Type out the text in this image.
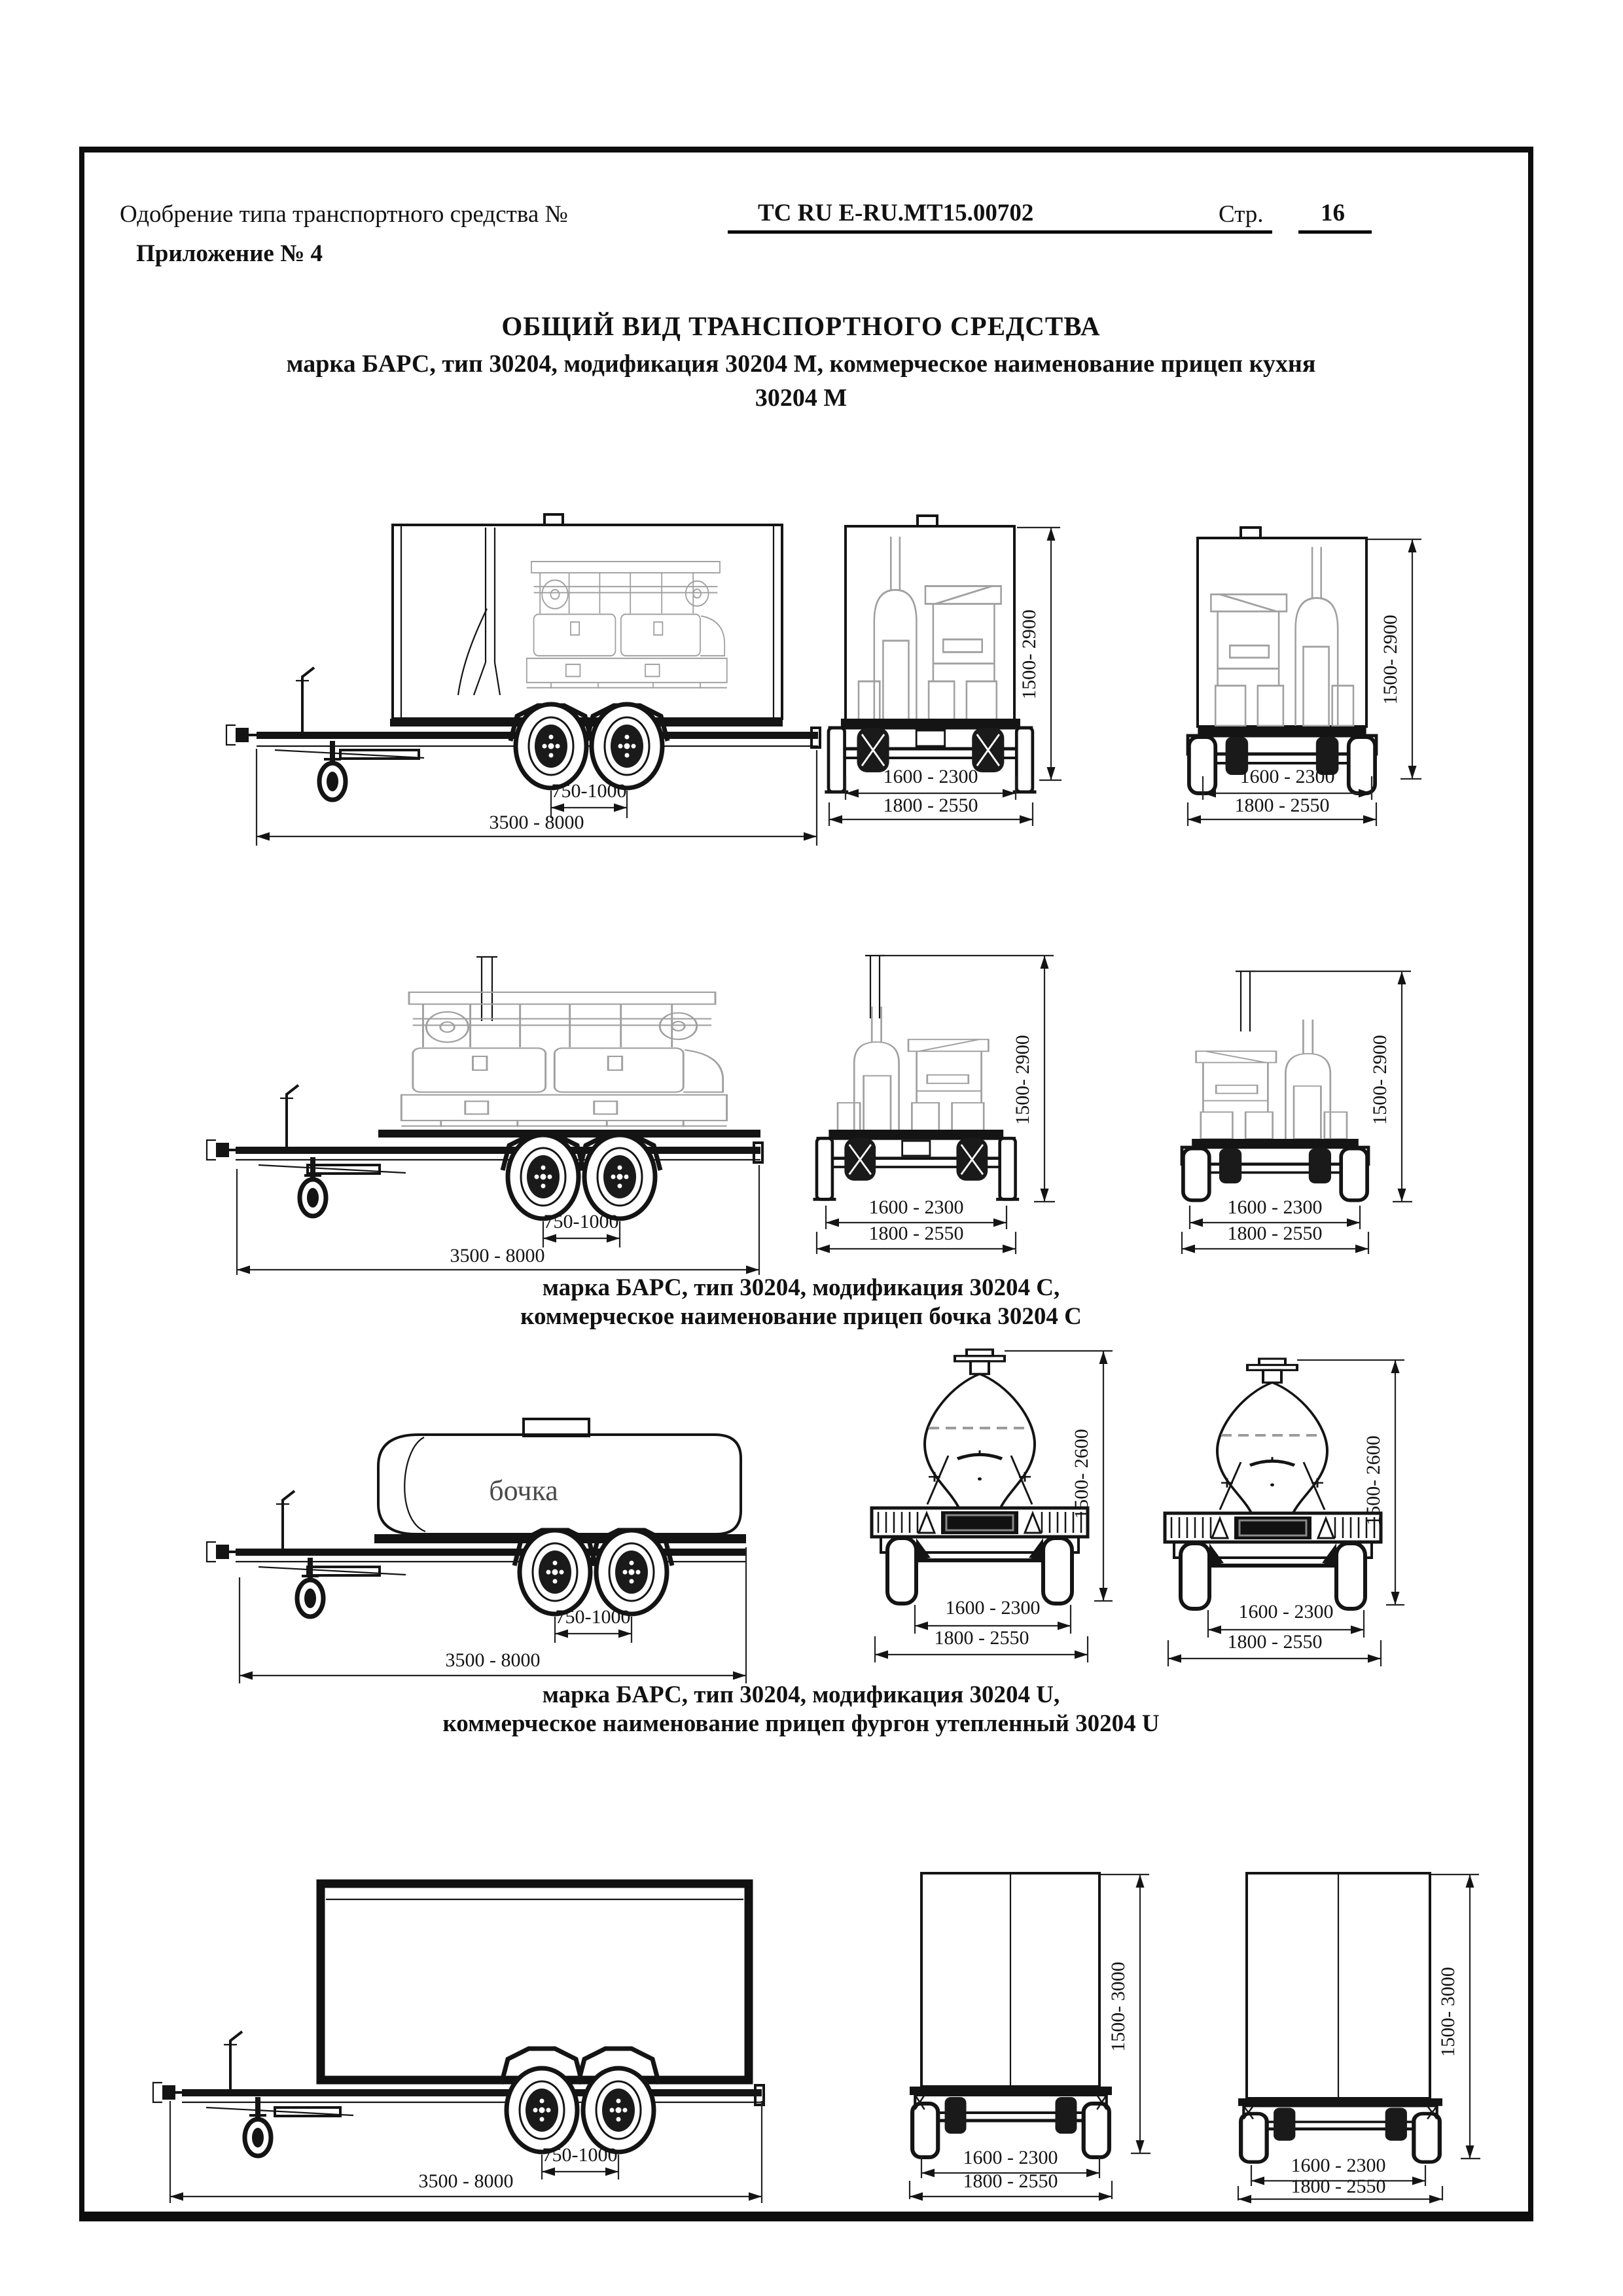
Одобрение типа транспортного средства №	ТС RU E-RU.MT15.00702	Стр. 16
Приложение № 4
ОБЩИЙ ВИД ТРАНСПОРТНОГО СРЕДСТВА
марка БАРС, тип 30204, модификация 30204 М, коммерческое наименование прицеп кухня
30204 М
марка БАРС, тип 30204, модификация 30204 С,
коммерческое наименование прицеп бочка 30204 С
марка БАРС, тип 30204, модификация 30204 U,
коммерческое наименование прицеп фургон утепленный 30204 U
750-1000
3500 - 8000
1500- 2900
1600 - 2300
1800 - 2550
1500- 2900
1600 - 2300
1800 - 2550
750-1000
3500 - 8000
1500- 2900
1600 - 2300
1800 - 2550
1500- 2900
1600 - 2300
1800 - 2550
бочка
750-1000
3500 - 8000
1500- 2600
1600 - 2300
1800 - 2550
1500- 2600
1600 - 2300
1800 - 2550
750-1000
3500 - 8000
1500- 3000
1600 - 2300
1800 - 2550
1500- 3000
1600 - 2300
1800 - 2550
